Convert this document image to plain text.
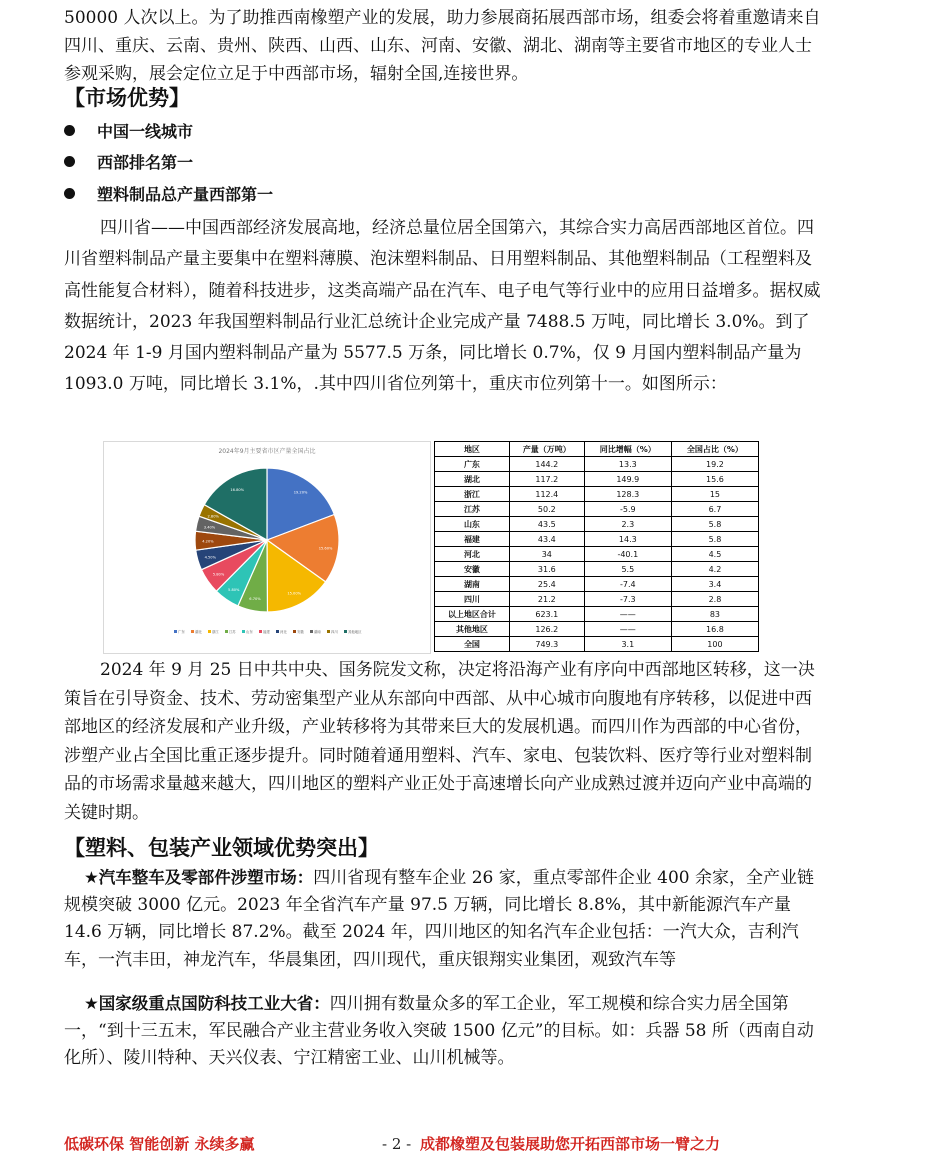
50000 人次以上。为了助推西南橡塑产业的发展，助力参展商拓展西部市场，组委会将着重邀请来自四川、重庆、云南、贵州、陕西、山西、山东、河南、安徽、湖北、湖南等主要省市地区的专业人士参观采购，展会定位立足于中西部市场，辐射全国,连接世界。

【市场优势】
中国一线城市
西部排名第一
塑料制品总产量西部第一

四川省——中国西部经济发展高地，经济总量位居全国第六，其综合实力高居西部地区首位。四川省塑料制品产量主要集中在塑料薄膜、泡沫塑料制品、日用塑料制品、其他塑料制品（工程塑料及高性能复合材料），随着科技进步，这类高端产品在汽车、电子电气等行业中的应用日益增多。据权威数据统计，2023 年我国塑料制品行业汇总统计企业完成产量 7488.5 万吨，同比增长 3.0%。到了 2024 年 1-9 月国内塑料制品产量为 5577.5 万条，同比增长 0.7%，仅 9 月国内塑料制品产量为 1093.0 万吨，同比增长 3.1%，.其中四川省位列第十，重庆市位列第十一。如图所示：

2024年9月主要省市区产量全国占比
19.20%
15.60%
15.00%
6.70%
5.80%
5.80%
4.50%
4.20%
3.40%
2.80%
16.80%
广东	湖北	浙江	江苏	山东	福建	河北	安徽	湖南	四川	其他地区
地区	产量（万吨）	同比增幅（%）	全国占比（%）
广东	144.2	13.3	19.2
湖北	117.2	149.9	15.6
浙江	112.4	128.3	15
江苏	50.2	-5.9	6.7
山东	43.5	2.3	5.8
福建	43.4	14.3	5.8
河北	34	-40.1	4.5
安徽	31.6	5.5	4.2
湖南	25.4	-7.4	3.4
四川	21.2	-7.3	2.8
以上地区合计	623.1	——	83
其他地区	126.2	——	16.8
全国	749.3	3.1	100

2024 年 9 月 25 日中共中央、国务院发文称，决定将沿海产业有序向中西部地区转移，这一决策旨在引导资金、技术、劳动密集型产业从东部向中西部、从中心城市向腹地有序转移，以促进中西部地区的经济发展和产业升级，产业转移将为其带来巨大的发展机遇。而四川作为西部的中心省份，涉塑产业占全国比重正逐步提升。同时随着通用塑料、汽车、家电、包装饮料、医疗等行业对塑料制品的市场需求量越来越大，四川地区的塑料产业正处于高速增长向产业成熟过渡并迈向产业中高端的关键时期。

【塑料、包装产业领域优势突出】

★汽车整车及零部件涉塑市场：四川省现有整车企业 26 家，重点零部件企业 400 余家，全产业链规模突破 3000 亿元。2023 年全省汽车产量 97.5 万辆，同比增长 8.8%，其中新能源汽车产量 14.6 万辆，同比增长 87.2%。截至 2024 年，四川地区的知名汽车企业包括：一汽大众，吉利汽车，一汽丰田，神龙汽车，华晨集团，四川现代，重庆银翔实业集团，观致汽车等

★国家级重点国防科技工业大省：四川拥有数量众多的军工企业，军工规模和综合实力居全国第一，“到十三五末，军民融合产业主营业务收入突破 1500 亿元”的目标。如：兵器 58 所（西南自动化所）、陵川特种、天兴仪表、宁江精密工业、山川机械等。

低碳环保 智能创新 永续多赢	- 2 - 成都橡塑及包装展助您开拓西部市场一臂之力
